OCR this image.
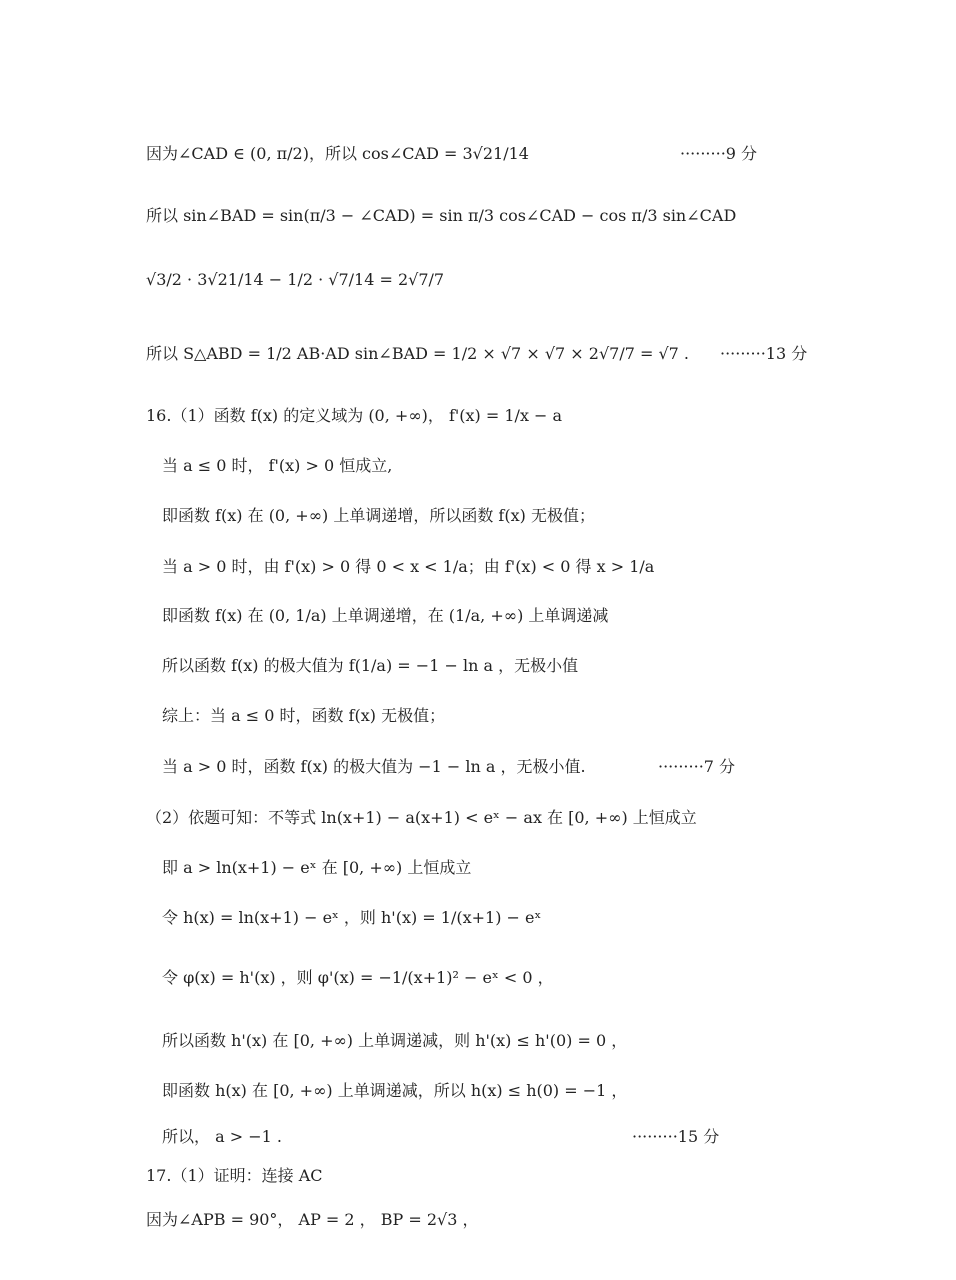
因为∠CAD ∈ (0, π/2)，所以 cos∠CAD = 3√21/14	·········9 分
所以 sin∠BAD = sin(π/3 − ∠CAD) = sin π/3 cos∠CAD − cos π/3 sin∠CAD
√3/2 · 3√21/14 − 1/2 · √7/14 = 2√7/7
所以 S△ABD = 1/2 AB·AD sin∠BAD = 1/2 × √7 × √7 × 2√7/7 = √7 . ·········13 分
16.（1）函数 f(x) 的定义域为 (0, +∞)， f'(x) = 1/x − a
当 a ≤ 0 时， f'(x) > 0 恒成立,
即函数 f(x) 在 (0, +∞) 上单调递增，所以函数 f(x) 无极值；
当 a > 0 时，由 f'(x) > 0 得 0 < x < 1/a；由 f'(x) < 0 得 x > 1/a
即函数 f(x) 在 (0, 1/a) 上单调递增，在 (1/a, +∞) 上单调递减
所以函数 f(x) 的极大值为 f(1/a) = −1 − ln a ，无极小值
综上：当 a ≤ 0 时，函数 f(x) 无极值；
当 a > 0 时，函数 f(x) 的极大值为 −1 − ln a ，无极小值.	·········7 分
（2）依题可知：不等式 ln(x+1) − a(x+1) < eˣ − ax 在 [0, +∞) 上恒成立
即 a > ln(x+1) − eˣ 在 [0, +∞) 上恒成立
令 h(x) = ln(x+1) − eˣ ，则 h'(x) = 1/(x+1) − eˣ
令 φ(x) = h'(x) ，则 φ'(x) = −1/(x+1)² − eˣ < 0 ，
所以函数 h'(x) 在 [0, +∞) 上单调递减，则 h'(x) ≤ h'(0) = 0 ，
即函数 h(x) 在 [0, +∞) 上单调递减，所以 h(x) ≤ h(0) = −1 ，
所以， a > −1 .	·········15 分
17.（1）证明：连接 AC
因为∠APB = 90°， AP = 2 ， BP = 2√3 ，
